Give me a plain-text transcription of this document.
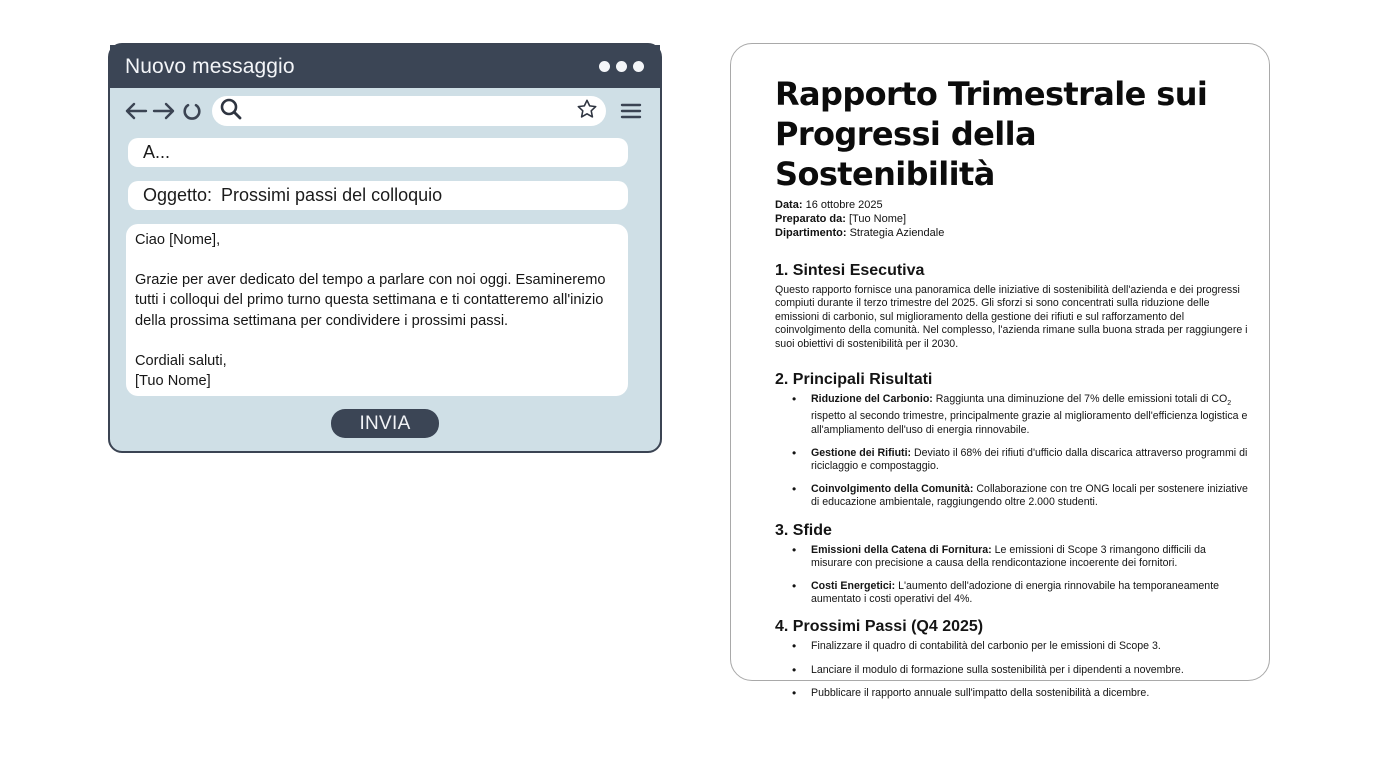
Nuovo messaggio
A...
Oggetto: Prossimi passi del colloquio

Ciao [Nome],

Grazie per aver dedicato del tempo a parlare con noi oggi. Esamineremo tutti i colloqui del primo turno questa settimana e ti contatteremo all'inizio della prossima settimana per condividere i prossimi passi.

Cordiali saluti,

[Tuo Nome]

INVIA
Rapporto Trimestrale sui Progressi della Sostenibilità
Data: 16 ottobre 2025
Preparato da: [Tuo Nome]
Dipartimento: Strategia Aziendale
1. Sintesi Esecutiva

Questo rapporto fornisce una panoramica delle iniziative di sostenibilità dell'azienda e dei progressi compiuti durante il terzo trimestre del 2025. Gli sforzi si sono concentrati sulla riduzione delle emissioni di carbonio, sul miglioramento della gestione dei rifiuti e sul rafforzamento del coinvolgimento della comunità. Nel complesso, l'azienda rimane sulla buona strada per raggiungere i suoi obiettivi di sostenibilità per il 2030.

2. Principali Risultati
• Riduzione del Carbonio: Raggiunta una diminuzione del 7% delle emissioni totali di $CO_2$ rispetto al secondo trimestre, principalmente grazie al miglioramento dell'efficienza logistica e all'ampliamento dell'uso di energia rinnovabile.
• Gestione dei Rifiuti: Deviato il 68% dei rifiuti d'ufficio dalla discarica attraverso programmi di riciclaggio e compostaggio.
• Coinvolgimento della Comunità: Collaborazione con tre ONG locali per sostenere iniziative di educazione ambientale, raggiungendo oltre 2.000 studenti.
3. Sfide
• Emissioni della Catena di Fornitura: Le emissioni di Scope 3 rimangono difficili da misurare con precisione a causa della rendicontazione incoerente dei fornitori.
• Costi Energetici: L'aumento dell'adozione di energia rinnovabile ha temporaneamente aumentato i costi operativi del 4%.
4. Prossimi Passi (Q4 2025)
• Finalizzare il quadro di contabilità del carbonio per le emissioni di Scope 3.
• Lanciare il modulo di formazione sulla sostenibilità per i dipendenti a novembre.
• Pubblicare il rapporto annuale sull'impatto della sostenibilità a dicembre.
